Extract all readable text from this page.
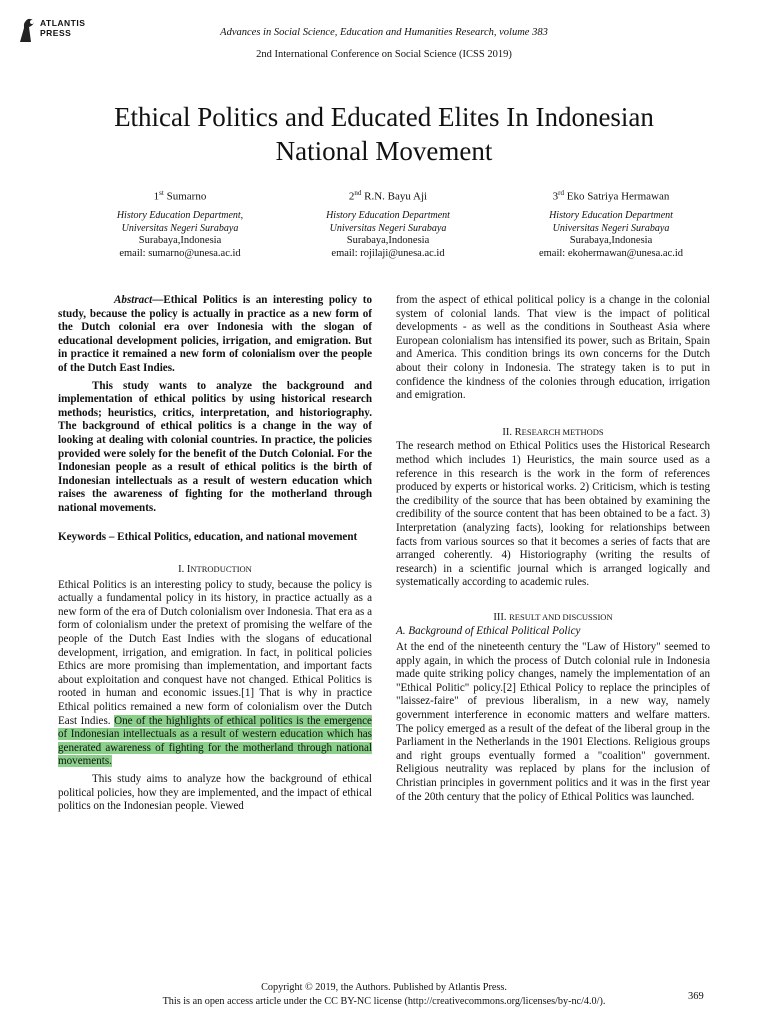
ATLANTIS
PRESS	Advances in Social Science, Education and Humanities Research, volume 383
2nd International Conference on Social Science (ICSS 2019)
Ethical Politics and Educated Elites In Indonesian
National Movement
1st Sumarno
History Education Department,
Universitas Negeri Surabaya
Surabaya,Indonesia
email: sumarno@unesa.ac.id
2nd R.N. Bayu Aji
History Education Department
Universitas Negeri Surabaya
Surabaya,Indonesia
email: rojilaji@unesa.ac.id
3rd Eko Satriya Hermawan
History Education Department
Universitas Negeri Surabaya
Surabaya,Indonesia
email: ekohermawan@unesa.ac.id

Abstract—Ethical Politics is an interesting policy to study, because the policy is actually in practice as a new form of the Dutch colonial era over Indonesia with the slogan of educational development policies, irrigation, and emigration. But in practice it remained a new form of colonialism over the people of the Dutch East Indies.

This study wants to analyze the background and implementation of ethical politics by using historical research methods; heuristics, critics, interpretation, and historiography. The background of ethical politics is a change in the way of looking at dealing with colonial countries. In practice, the policies provided were solely for the benefit of the Dutch Colonial. For the Indonesian people as a result of ethical politics is the birth of Indonesian intellectuals as a result of western education which raises the awareness of fighting for the motherland through national movements.

Keywords – Ethical Politics, education, and national movement

I. INTRODUCTION

Ethical Politics is an interesting policy to study, because the policy is actually a fundamental policy in its history, in practice actually as a new form of the era of Dutch colonialism over Indonesia. That era as a form of colonialism under the pretext of promising the welfare of the people of the Dutch East Indies with the slogans of educational development, irrigation, and emigration. In fact, in political policies Ethics are more promising than implementation, and important facts about exploitation and conquest have not changed. Ethical Politics is rooted in human and economic issues.[1] That is why in practice Ethical politics remained a new form of colonialism over the Dutch East Indies. One of the highlights of ethical politics is the emergence of Indonesian intellectuals as a result of western education which has generated awareness of fighting for the motherland through national movements.

This study aims to analyze how the background of ethical political policies, how they are implemented, and the impact of ethical politics on the Indonesian people. Viewed

from the aspect of ethical political policy is a change in the colonial system of colonial lands. That view is the impact of political developments - as well as the conditions in Southeast Asia where European colonialism has intensified its power, such as Britain, Spain and America. This condition brings its own concerns for the Dutch about their colony in Indonesia. The strategy taken is to put in confidence the kindness of the colonies through education, irrigation and emigration.

II. RESEARCH METHODS

The research method on Ethical Politics uses the Historical Research method which includes 1) Heuristics, the main source used as a reference in this research is the work in the form of references produced by experts or historical works. 2) Criticism, which is testing the credibility of the source that has been obtained by examining the credibility of the source content that has been obtained to be a fact. 3) Interpretation (analyzing facts), looking for relationships between facts from various sources so that it becomes a series of facts that are arranged coherently. 4) Historiography (writing the results of research) in a scientific journal which is arranged logically and systematically according to academic rules.

III. RESULT AND DISCUSSION

A. Background of Ethical Political Policy

At the end of the nineteenth century the "Law of History" seemed to apply again, in which the process of Dutch colonial rule in Indonesia made quite striking policy changes, namely the implementation of an "Ethical Politic" policy.[2] Ethical Policy to replace the principles of "laissez-faire" of previous liberalism, in a new way, namely government interference in economic matters and welfare matters. The policy emerged as a result of the defeat of the liberal group in the Parliament in the Netherlands in the 1901 Elections. Religious groups and right groups eventually formed a "coalition" government. Religious neutrality was replaced by plans for the inclusion of Christian principles in government politics and it was in the first year of the 20th century that the policy of Ethical Politics was launched.

Copyright © 2019, the Authors. Published by Atlantis Press.
This is an open access article under the CC BY-NC license (http://creativecommons.org/licenses/by-nc/4.0/).	369
